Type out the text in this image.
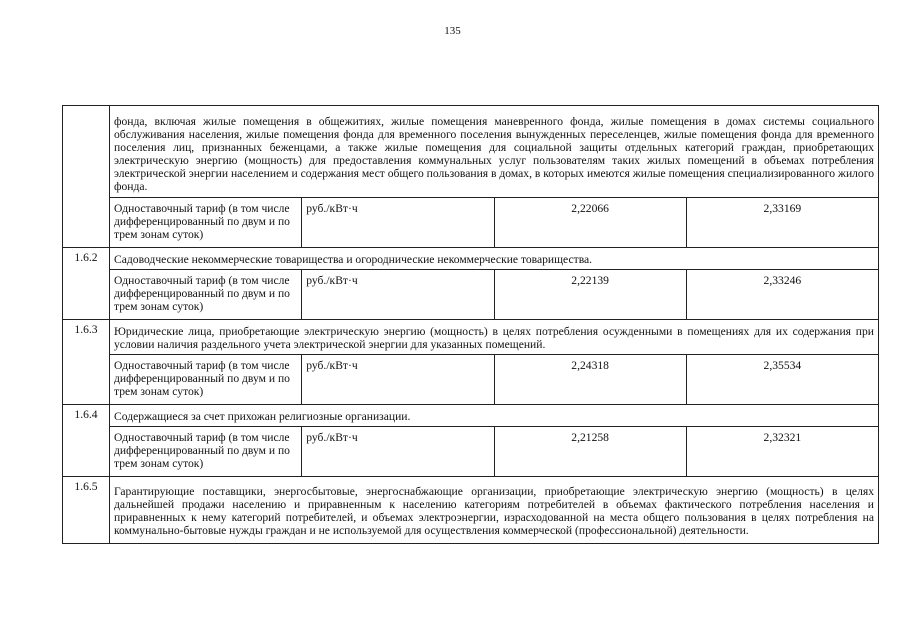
135
	фонда, включая жилые помещения в общежитиях, жилые помещения маневренного фонда, жилые помещения в домах системы социального обслуживания населения, жилые помещения фонда для временного поселения вынужденных переселенцев, жилые помещения фонда для временного поселения лиц, признанных беженцами, а также жилые помещения для социальной защиты отдельных категорий граждан, приобретающих электрическую энергию (мощность) для предоставления коммунальных услуг пользователям таких жилых помещений в объемах потребления электрической энергии населением и содержания мест общего пользования в домах, в которых имеются жилые помещения специализированного жилого фонда.			
	Одноставочный тариф (в том числе дифференцированный по двум и по трем зонам суток)	руб./кВт·ч	2,22066	2,33169
1.6.2	Садоводческие некоммерческие товарищества и огороднические некоммерческие товарищества.			
	Одноставочный тариф (в том числе дифференцированный по двум и по трем зонам суток)	руб./кВт·ч	2,22139	2,33246
1.6.3	Юридические лица, приобретающие электрическую энергию (мощность) в целях потребления осужденными в помещениях для их содержания при условии наличия раздельного учета электрической энергии для указанных помещений.			
	Одноставочный тариф (в том числе дифференцированный по двум и по трем зонам суток)	руб./кВт·ч	2,24318	2,35534
1.6.4	Содержащиеся за счет прихожан религиозные организации.			
	Одноставочный тариф (в том числе дифференцированный по двум и по трем зонам суток)	руб./кВт·ч	2,21258	2,32321
1.6.5	Гарантирующие поставщики, энергосбытовые, энергоснабжающие организации, приобретающие электрическую энергию (мощность) в целях дальнейшей продажи населению и приравненным к населению категориям потребителей в объемах фактического потребления населения и приравненных к нему категорий потребителей, и объемах электроэнергии, израсходованной на места общего пользования в целях потребления на коммунально-бытовые нужды граждан и не используемой для осуществления коммерческой (профессиональной) деятельности.			
